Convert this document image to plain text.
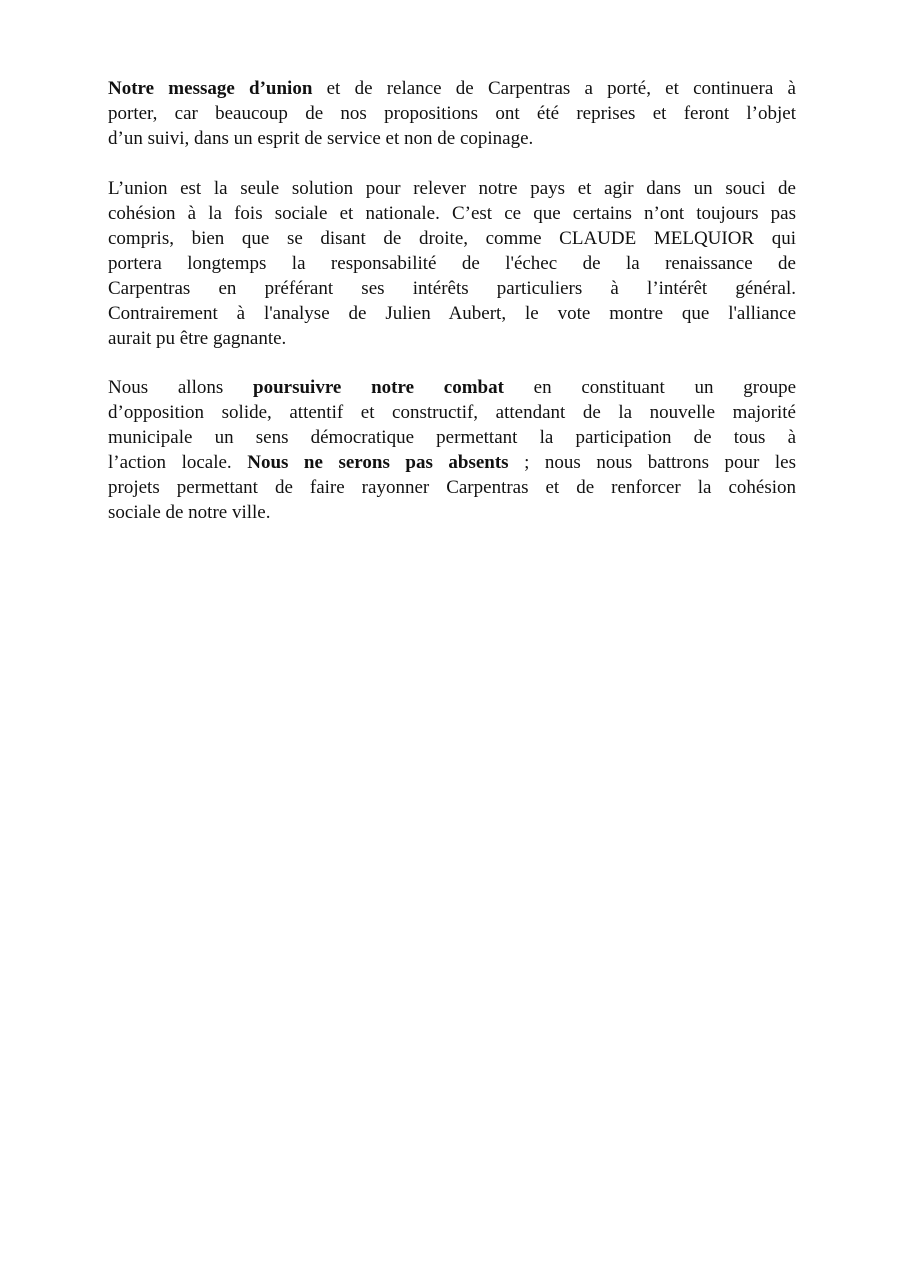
Notre message d’union et de relance de Carpentras a porté, et continuera à
porter, car beaucoup de nos propositions ont été reprises et feront l’objet
d’un suivi, dans un esprit de service et non de copinage.

L’union est la seule solution pour relever notre pays et agir dans un souci de
cohésion à la fois sociale et nationale. C’est ce que certains n’ont toujours pas
compris, bien que se disant de droite, comme CLAUDE MELQUIOR qui
portera longtemps la responsabilité de l'échec de la renaissance de
Carpentras en préférant ses intérêts particuliers à l’intérêt général.
Contrairement à l'analyse de Julien Aubert, le vote montre que l'alliance
aurait pu être gagnante.

Nous allons poursuivre notre combat en constituant un groupe
d’opposition solide, attentif et constructif, attendant de la nouvelle majorité
municipale un sens démocratique permettant la participation de tous à
l’action locale. Nous ne serons pas absents ; nous nous battrons pour les
projets permettant de faire rayonner Carpentras et de renforcer la cohésion
sociale de notre ville.
